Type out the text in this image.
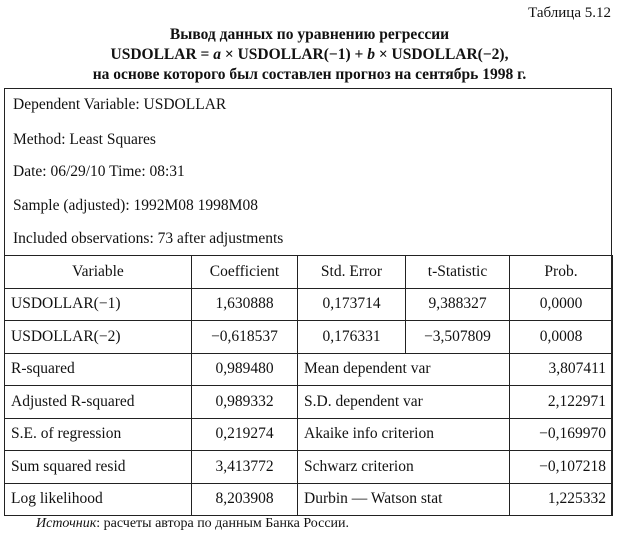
Таблица 5.12
Вывод данных по уравнению регрессии
USDOLLAR = a × USDOLLAR(−1) + b × USDOLLAR(−2),
на основе которого был составлен прогноз на сентябрь 1998 г.
Dependent Variable: USDOLLAR
Method: Least Squares
Date: 06/29/10 Time: 08:31
Sample (adjusted): 1992M08 1998M08
Included observations: 73 after adjustments
Variable	Coefficient	Std. Error	t-Statistic	Prob.
USDOLLAR(−1)	1,630888	0,173714	9,388327	0,0000
USDOLLAR(−2)	−0,618537	0,176331	−3,507809	0,0008
R-squared	0,989480	Mean dependent var		3,807411
Adjusted R-squared	0,989332	S.D. dependent var		2,122971
S.E. of regression	0,219274	Akaike info criterion		−0,169970
Sum squared resid	3,413772	Schwarz criterion		−0,107218
Log likelihood	8,203908	Durbin — Watson stat		1,225332
Источник: расчеты автора по данным Банка России.
